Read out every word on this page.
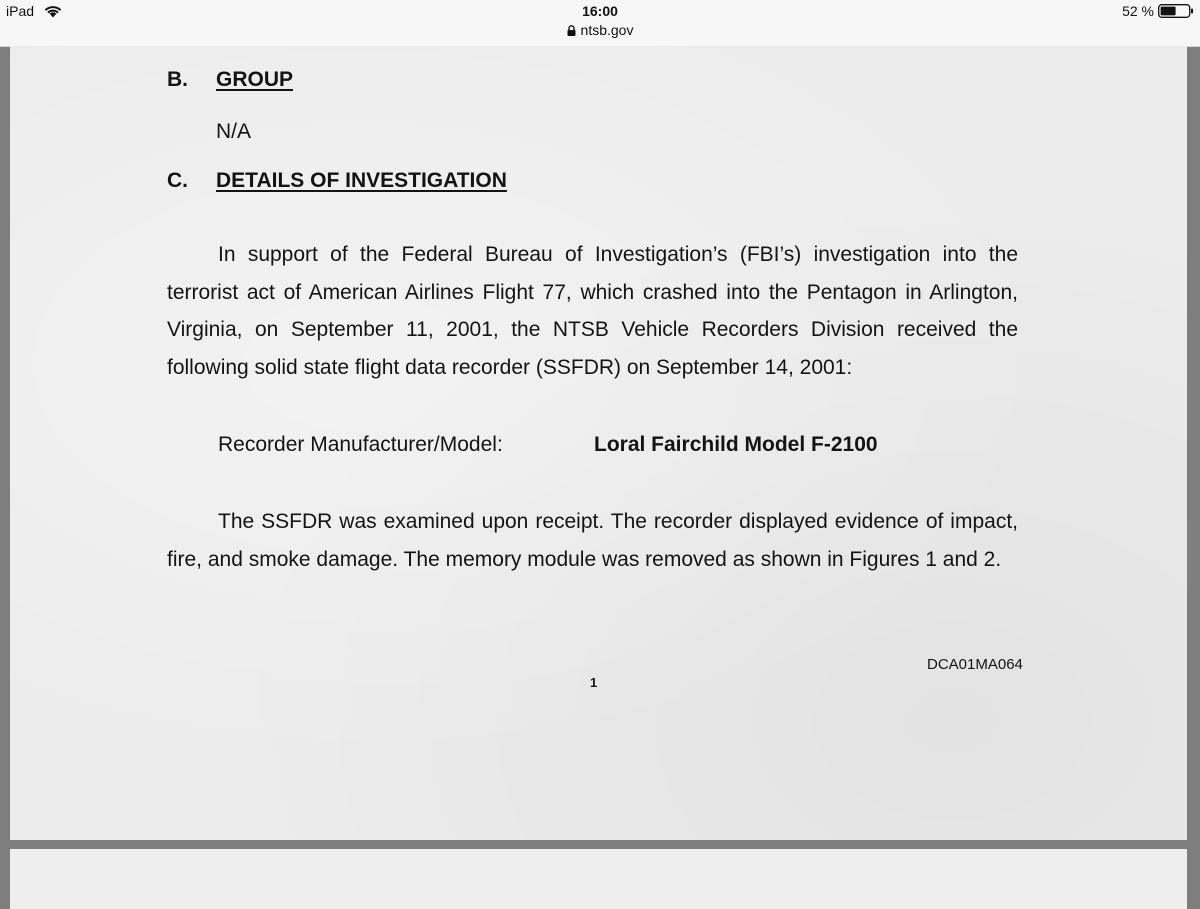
iPad	16:00
ntsb.gov
52 %
B. GROUP
N/A
C. DETAILS OF INVESTIGATION
In support of the Federal Bureau of Investigation’s (FBI’s) investigation into the terrorist act of American Airlines Flight 77, which crashed into the Pentagon in Arlington, Virginia, on September 11, 2001, the NTSB Vehicle Recorders Division received the following solid state flight data recorder (SSFDR) on September 14, 2001:
Recorder Manufacturer/Model:	Loral Fairchild Model F-2100
The SSFDR was examined upon receipt. The recorder displayed evidence of impact, fire, and smoke damage. The memory module was removed as shown in Figures 1 and 2.
DCA01MA064
1
